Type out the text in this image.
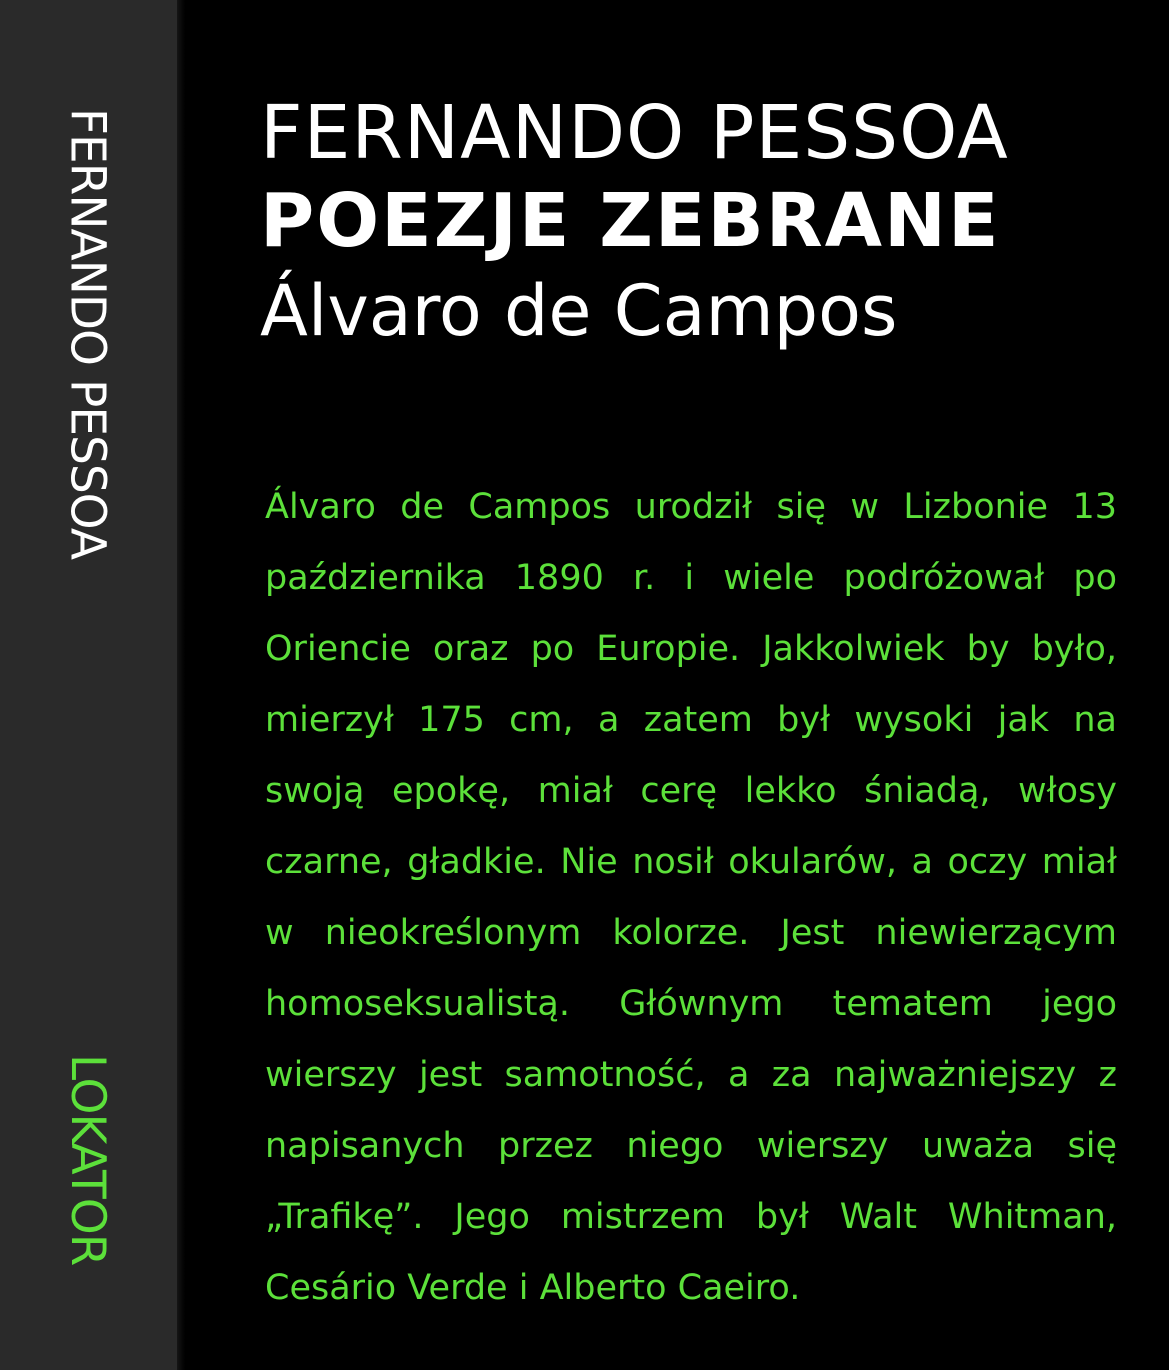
FERNANDO PESSOA
LOKATOR
FERNANDO PESSOA
POEZJE ZEBRANE
Álvaro de Campos

Álvaro de Campos urodził się w Lizbonie 13 października 1890 r. i wiele podróżował po Oriencie oraz po Europie. Jakkolwiek by było, mierzył 175 cm, a zatem był wysoki jak na swoją epokę, miał cerę lekko śniadą, włosy czarne, gładkie. Nie nosił okularów, a oczy miał w nieokreślonym kolorze. Jest niewierzącym homoseksualistą. Głównym tematem jego wierszy jest samotność, a za najważniejszy z napisanych przez niego wierszy uważa się „Trafikę”. Jego mistrzem był Walt Whitman, Cesário Verde i Alberto Caeiro.
